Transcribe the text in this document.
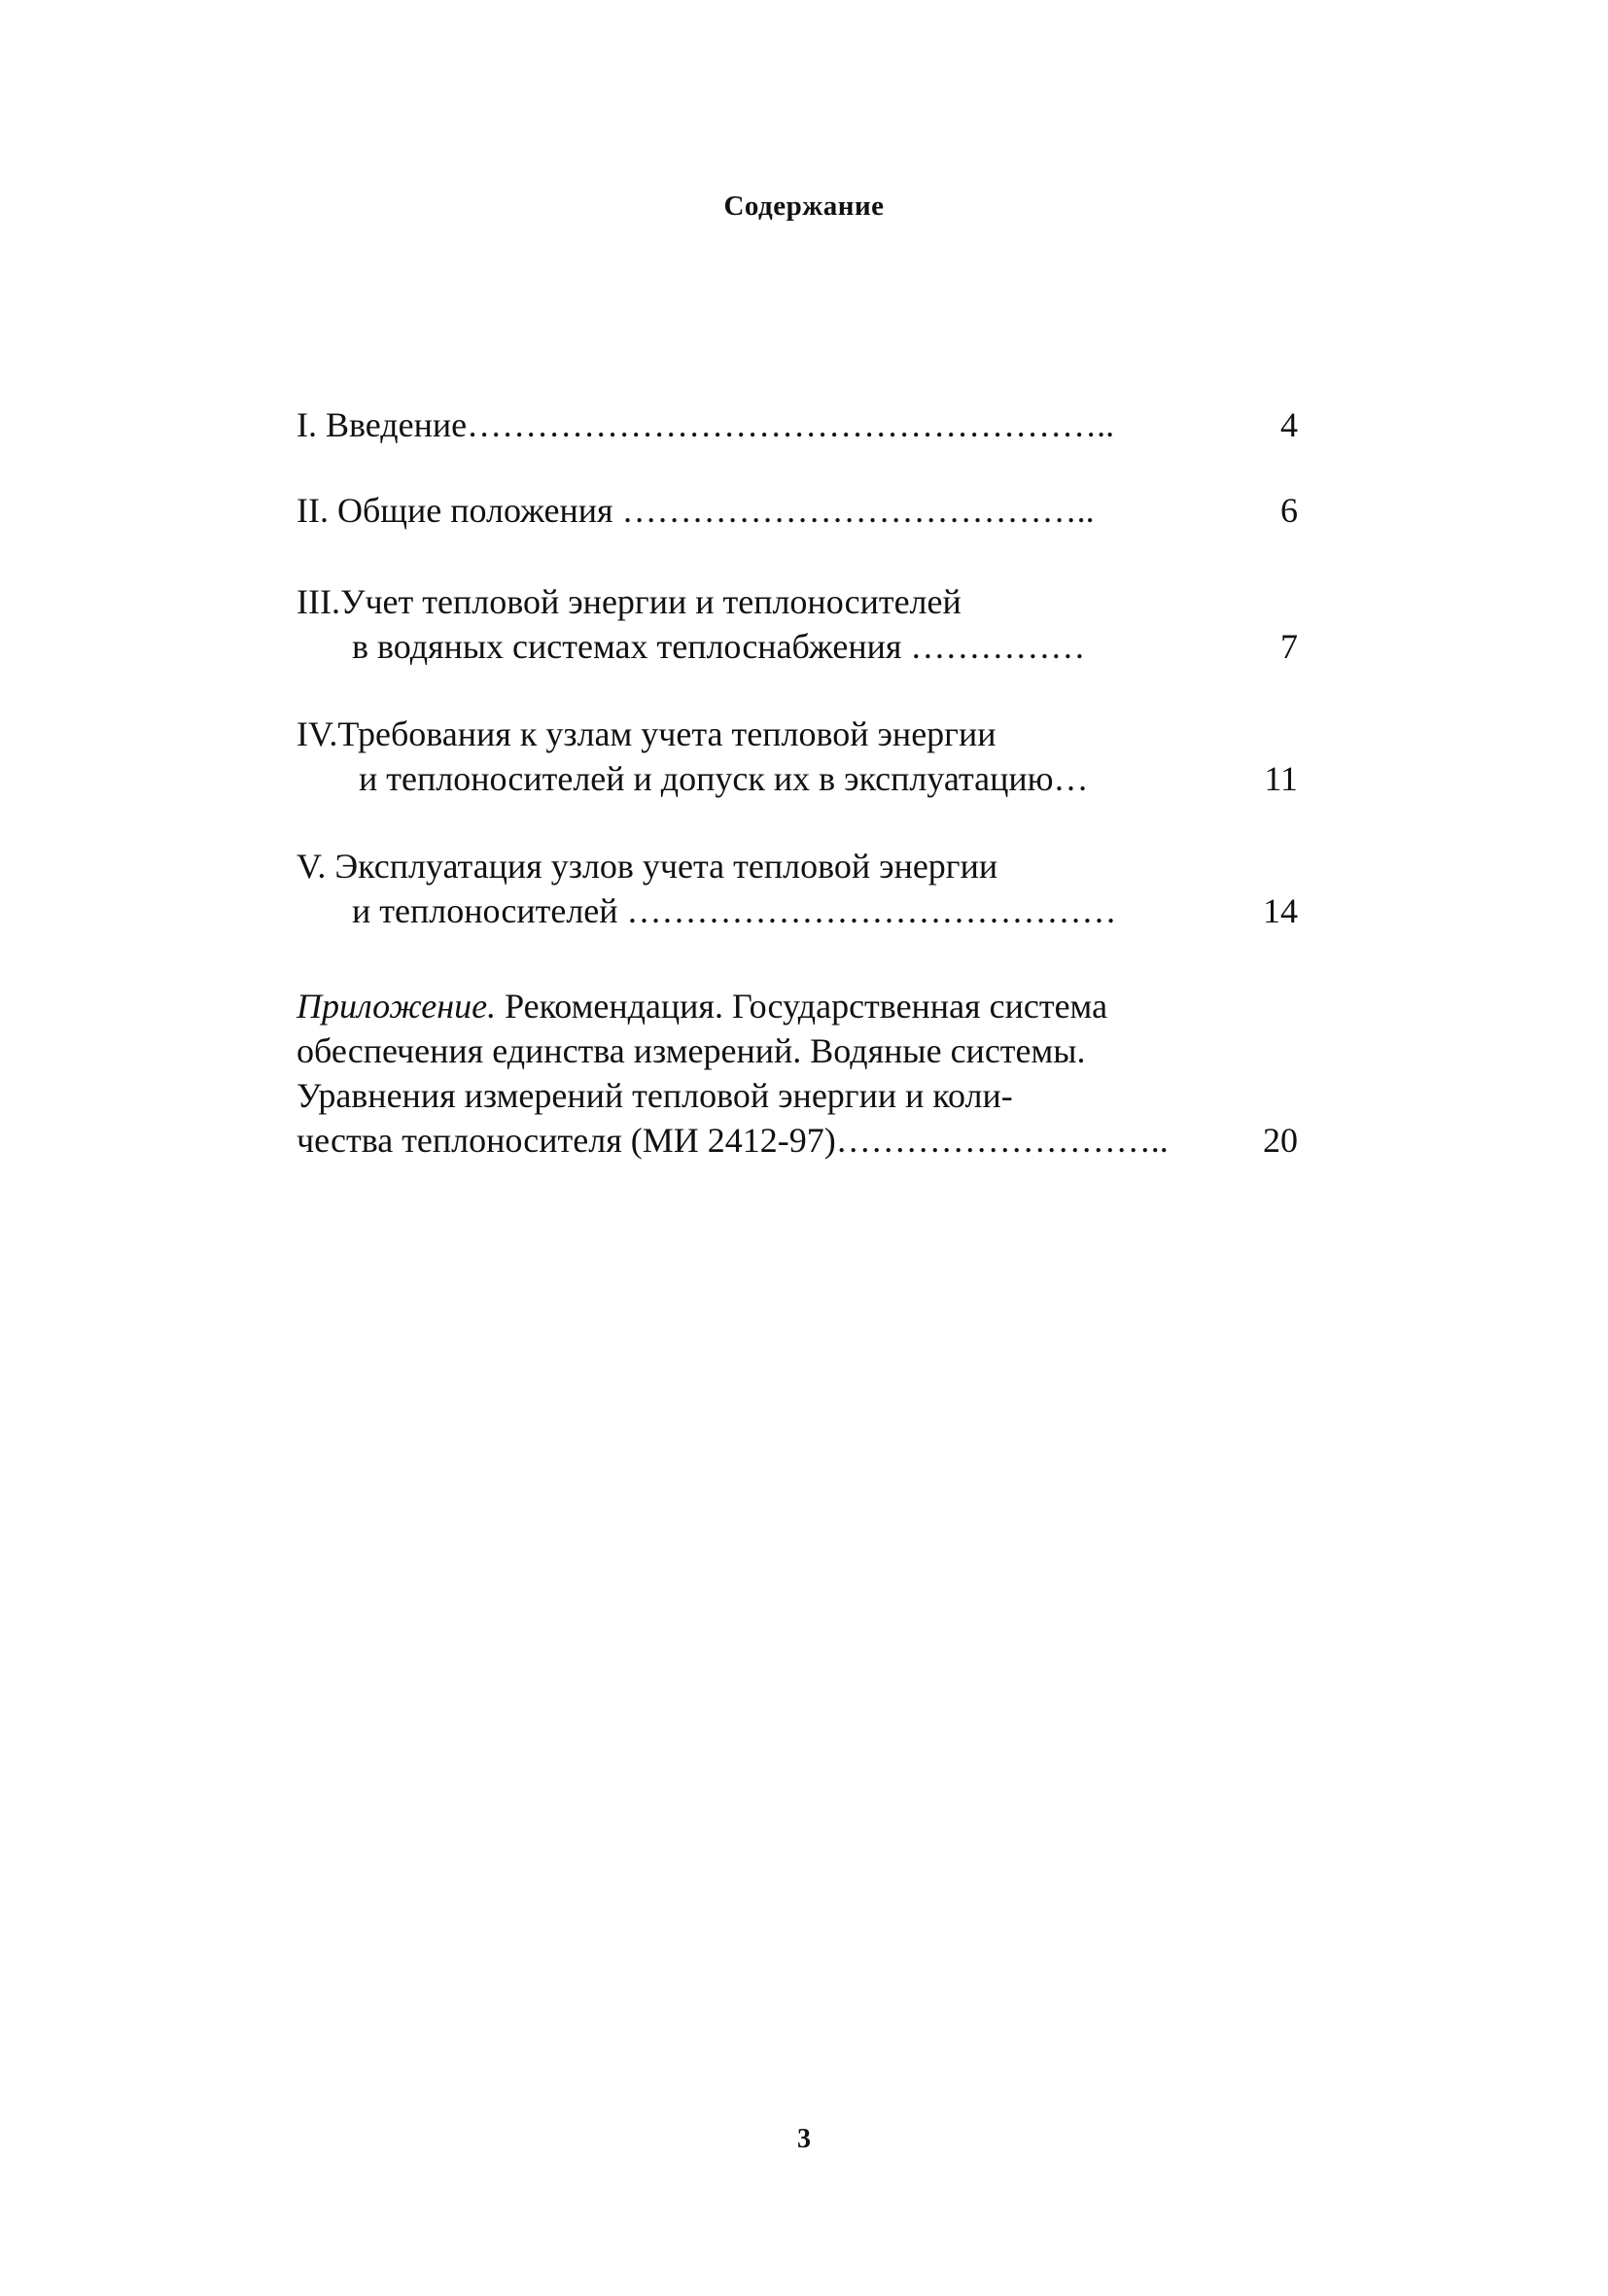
Содержание
I. Введение………………………………………………..	4
II. Общие положения …………………………………..	6
III.Учет тепловой энергии и теплоносителей
в водяных системах теплоснабжения ……………	7
IV.Требования к узлам учета тепловой энергии
и теплоносителей и допуск их в эксплуатацию…	11
V. Эксплуатация узлов учета тепловой энергии
и теплоносителей ……………………………………	14
Приложение. Рекомендация. Государственная система
обеспечения единства измерений. Водяные системы.
Уравнения измерений тепловой энергии и коли-
чества теплоносителя (МИ 2412-97)………………………..	20
3
